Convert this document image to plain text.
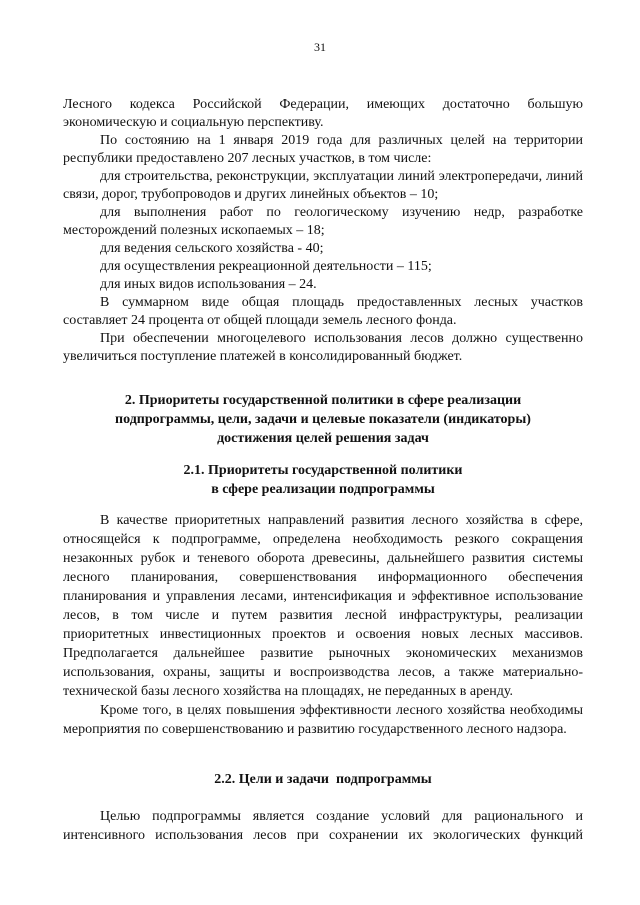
31

Лесного кодекса Российской Федерации, имеющих достаточно большую экономическую и социальную перспективу.

По состоянию на 1 января 2019 года для различных целей на территории республики предоставлено 207 лесных участков, в том числе:

для строительства, реконструкции, эксплуатации линий электропередачи, линий связи, дорог, трубопроводов и других линейных объектов – 10;

для выполнения работ по геологическому изучению недр, разработке месторождений полезных ископаемых – 18;

для ведения сельского хозяйства - 40;

для осуществления рекреационной деятельности – 115;

для иных видов использования – 24.

В суммарном виде общая площадь предоставленных лесных участков составляет 24 процента от общей площади земель лесного фонда.

При обеспечении многоцелевого использования лесов должно существенно увеличиться поступление платежей в консолидированный бюджет.

2. Приоритеты государственной политики в сфере реализации

подпрограммы, цели, задачи и целевые показатели (индикаторы)

достижения целей решения задач

2.1. Приоритеты государственной политики

в сфере реализации подпрограммы

В качестве приоритетных направлений развития лесного хозяйства в сфере, относящейся к подпрограмме, определена необходимость резкого сокращения незаконных рубок и теневого оборота древесины, дальнейшего развития системы лесного планирования, совершенствования информационного обеспечения планирования и управления лесами, интенсификация и эффективное использование лесов, в том числе и путем развития лесной инфраструктуры, реализации приоритетных инвестиционных проектов и освоения новых лесных массивов. Предполагается дальнейшее развитие рыночных экономических механизмов использования, охраны, защиты и воспроизводства лесов, а также материально-технической базы лесного хозяйства на площадях, не переданных в аренду.

Кроме того, в целях повышения эффективности лесного хозяйства необходимы мероприятия по совершенствованию и развитию государственного лесного надзора.

2.2. Цели и задачи  подпрограммы

Целью подпрограммы является создание условий для рационального и интенсивного использования лесов при сохранении их экологических функций
